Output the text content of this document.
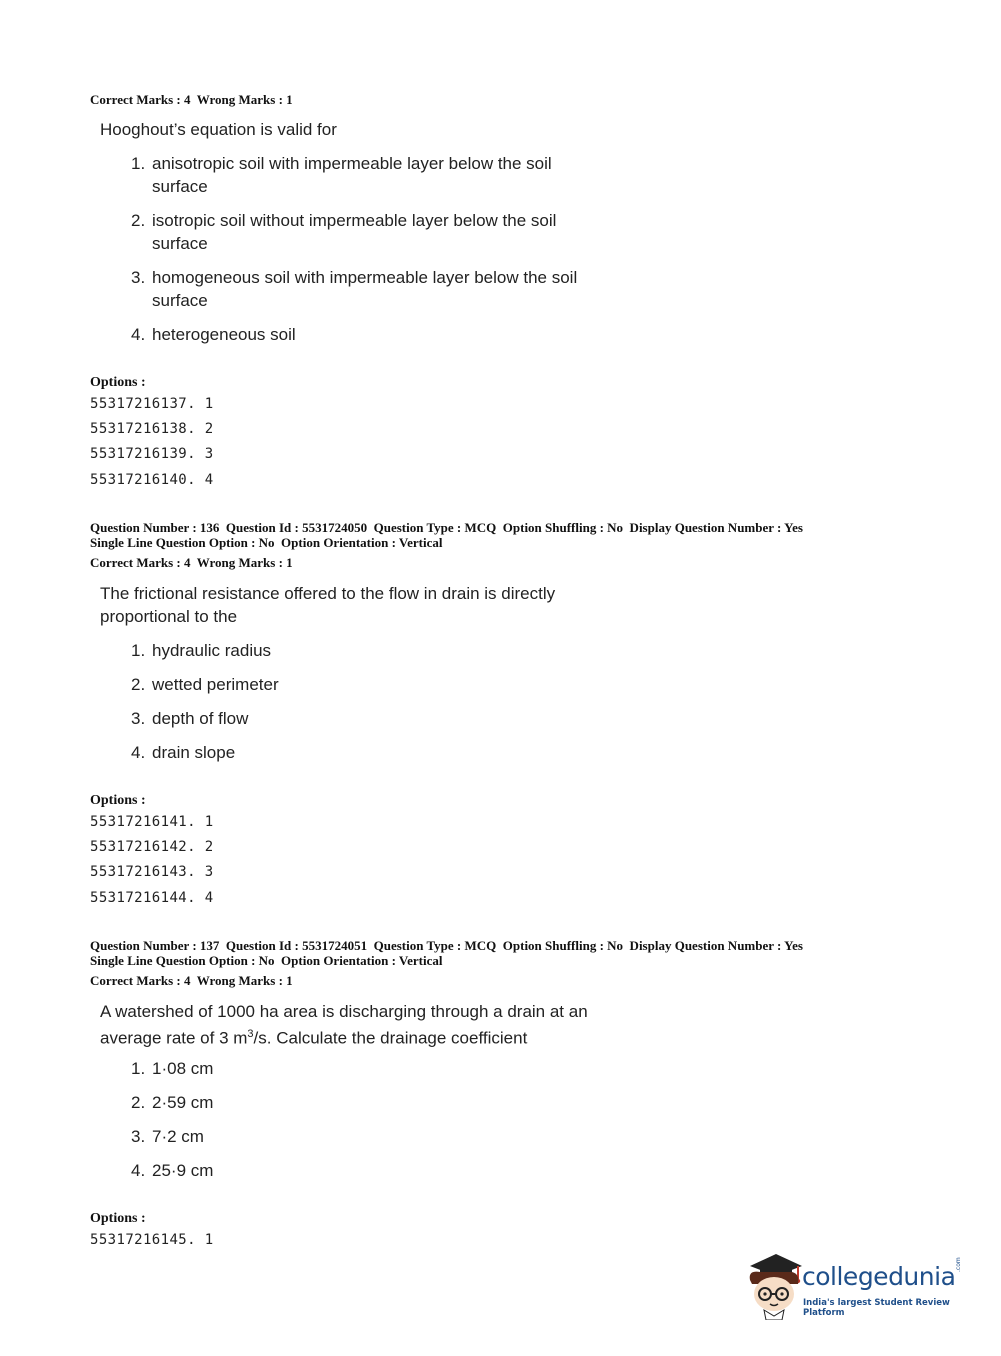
Correct Marks : 4  Wrong Marks : 1
Hooghout’s equation is valid for
1. anisotropic soil with impermeable layer below the soil
surface
2. isotropic soil without impermeable layer below the soil
surface
3. homogeneous soil with impermeable layer below the soil
surface
4. heterogeneous soil
Options :
55317216137. 1
55317216138. 2
55317216139. 3
55317216140. 4
Question Number : 136  Question Id : 5531724050  Question Type : MCQ  Option Shuffling : No  Display Question Number : Yes
Single Line Question Option : No  Option Orientation : Vertical
Correct Marks : 4  Wrong Marks : 1
The frictional resistance offered to the flow in drain is directly
proportional to the
1. hydraulic radius
2. wetted perimeter
3. depth of flow
4. drain slope
Options :
55317216141. 1
55317216142. 2
55317216143. 3
55317216144. 4
Question Number : 137  Question Id : 5531724051  Question Type : MCQ  Option Shuffling : No  Display Question Number : Yes
Single Line Question Option : No  Option Orientation : Vertical
Correct Marks : 4  Wrong Marks : 1
A watershed of 1000 ha area is discharging through a drain at an
average rate of 3 $m^3/s$. Calculate the drainage coefficient
1. 1·08 cm
2. 2·59 cm
3. 7·2 cm
4. 25·9 cm
Options :
55317216145. 1
collegedunia .com
India's largest Student Review Platform
